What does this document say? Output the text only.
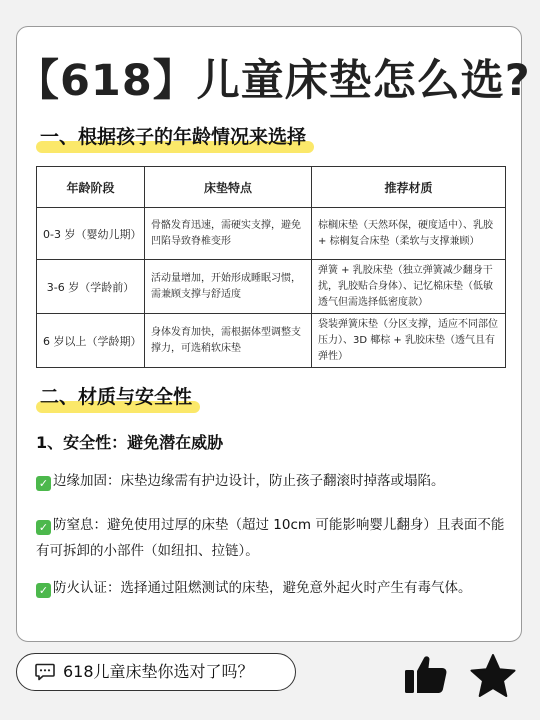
【618】儿童床垫怎么选?
一、根据孩子的年龄情况来选择
年龄阶段	床垫特点	推荐材质
0-3 岁（婴幼儿期）	骨骼发育迅速，需硬实支撑，避免凹陷导致脊椎变形	棕榈床垫（天然环保，硬度适中）、乳胶 + 棕榈复合床垫（柔软与支撑兼顾）
3-6 岁（学龄前）	活动量增加，开始形成睡眠习惯，需兼顾支撑与舒适度	弹簧 + 乳胶床垫（独立弹簧减少翻身干扰，乳胶贴合身体）、记忆棉床垫（低敏透气但需选择低密度款）
6 岁以上（学龄期）	身体发育加快，需根据体型调整支撑力，可选稍软床垫	袋装弹簧床垫（分区支撑，适应不同部位压力）、3D 椰棕 + 乳胶床垫（透气且有弹性）
二、材质与安全性
1、安全性：避免潜在威胁
✓ 边缘加固：床垫边缘需有护边设计，防止孩子翻滚时掉落或塌陷。
✓ 防窒息：避免使用过厚的床垫（超过 10cm 可能影响婴儿翻身）且表面不能有可拆卸的小部件（如纽扣、拉链）。
✓ 防火认证：选择通过阻燃测试的床垫，避免意外起火时产生有毒气体。
618儿童床垫你选对了吗？
